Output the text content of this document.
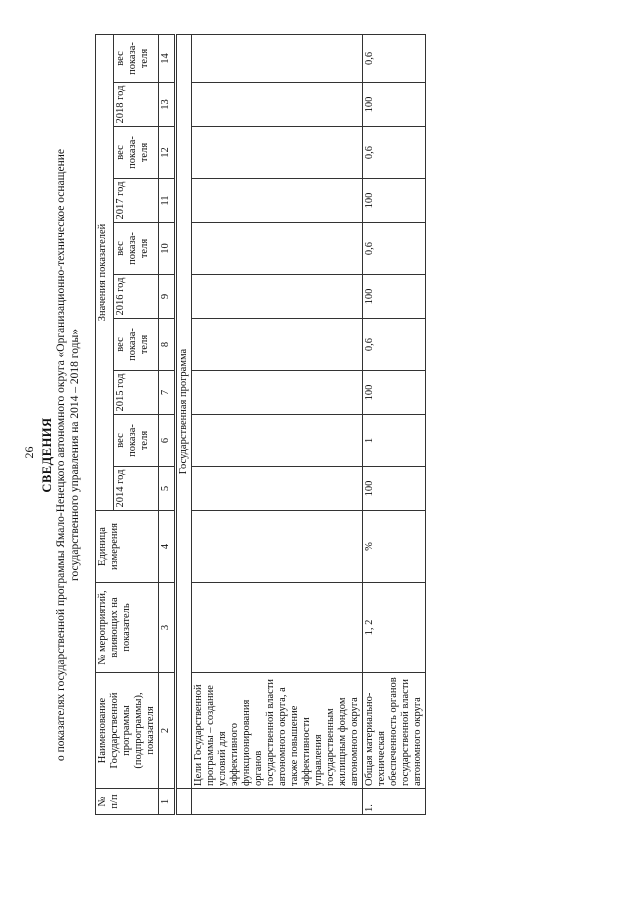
26 СВЕДЕНИЯ о показателях государственной программы Ямало-Ненецкого автономного округа «Организационно-техническое оснащение государственного управления на 2014 – 2018 годы»
№ п/п	Наименование Государственной программы (подпрограммы), показателя	№ мероприятий, влияющих на показатель	Единица измерения	Значения показателей									
				2014 год	вес показа-теля	2015 год	вес показа-теля	2016 год	вес показа-теля	2017 год	вес показа-теля	2018 год	вес показа-теля
1	2	3	4	5	6	7	8	9	10	11	12	13	14
	Государственная программа												
	Цели Государственной программы – создание условий для эффективного функционирования органов государственной власти автономного округа, а также повышение эффективности управления государственным жилищным фондом автономного округа												
1.	Общая материально-техническая обеспеченность органов государственной власти автономного округа	1, 2	%	100	1	100	0,6	100	0,6	100	0,6	100	0,6
